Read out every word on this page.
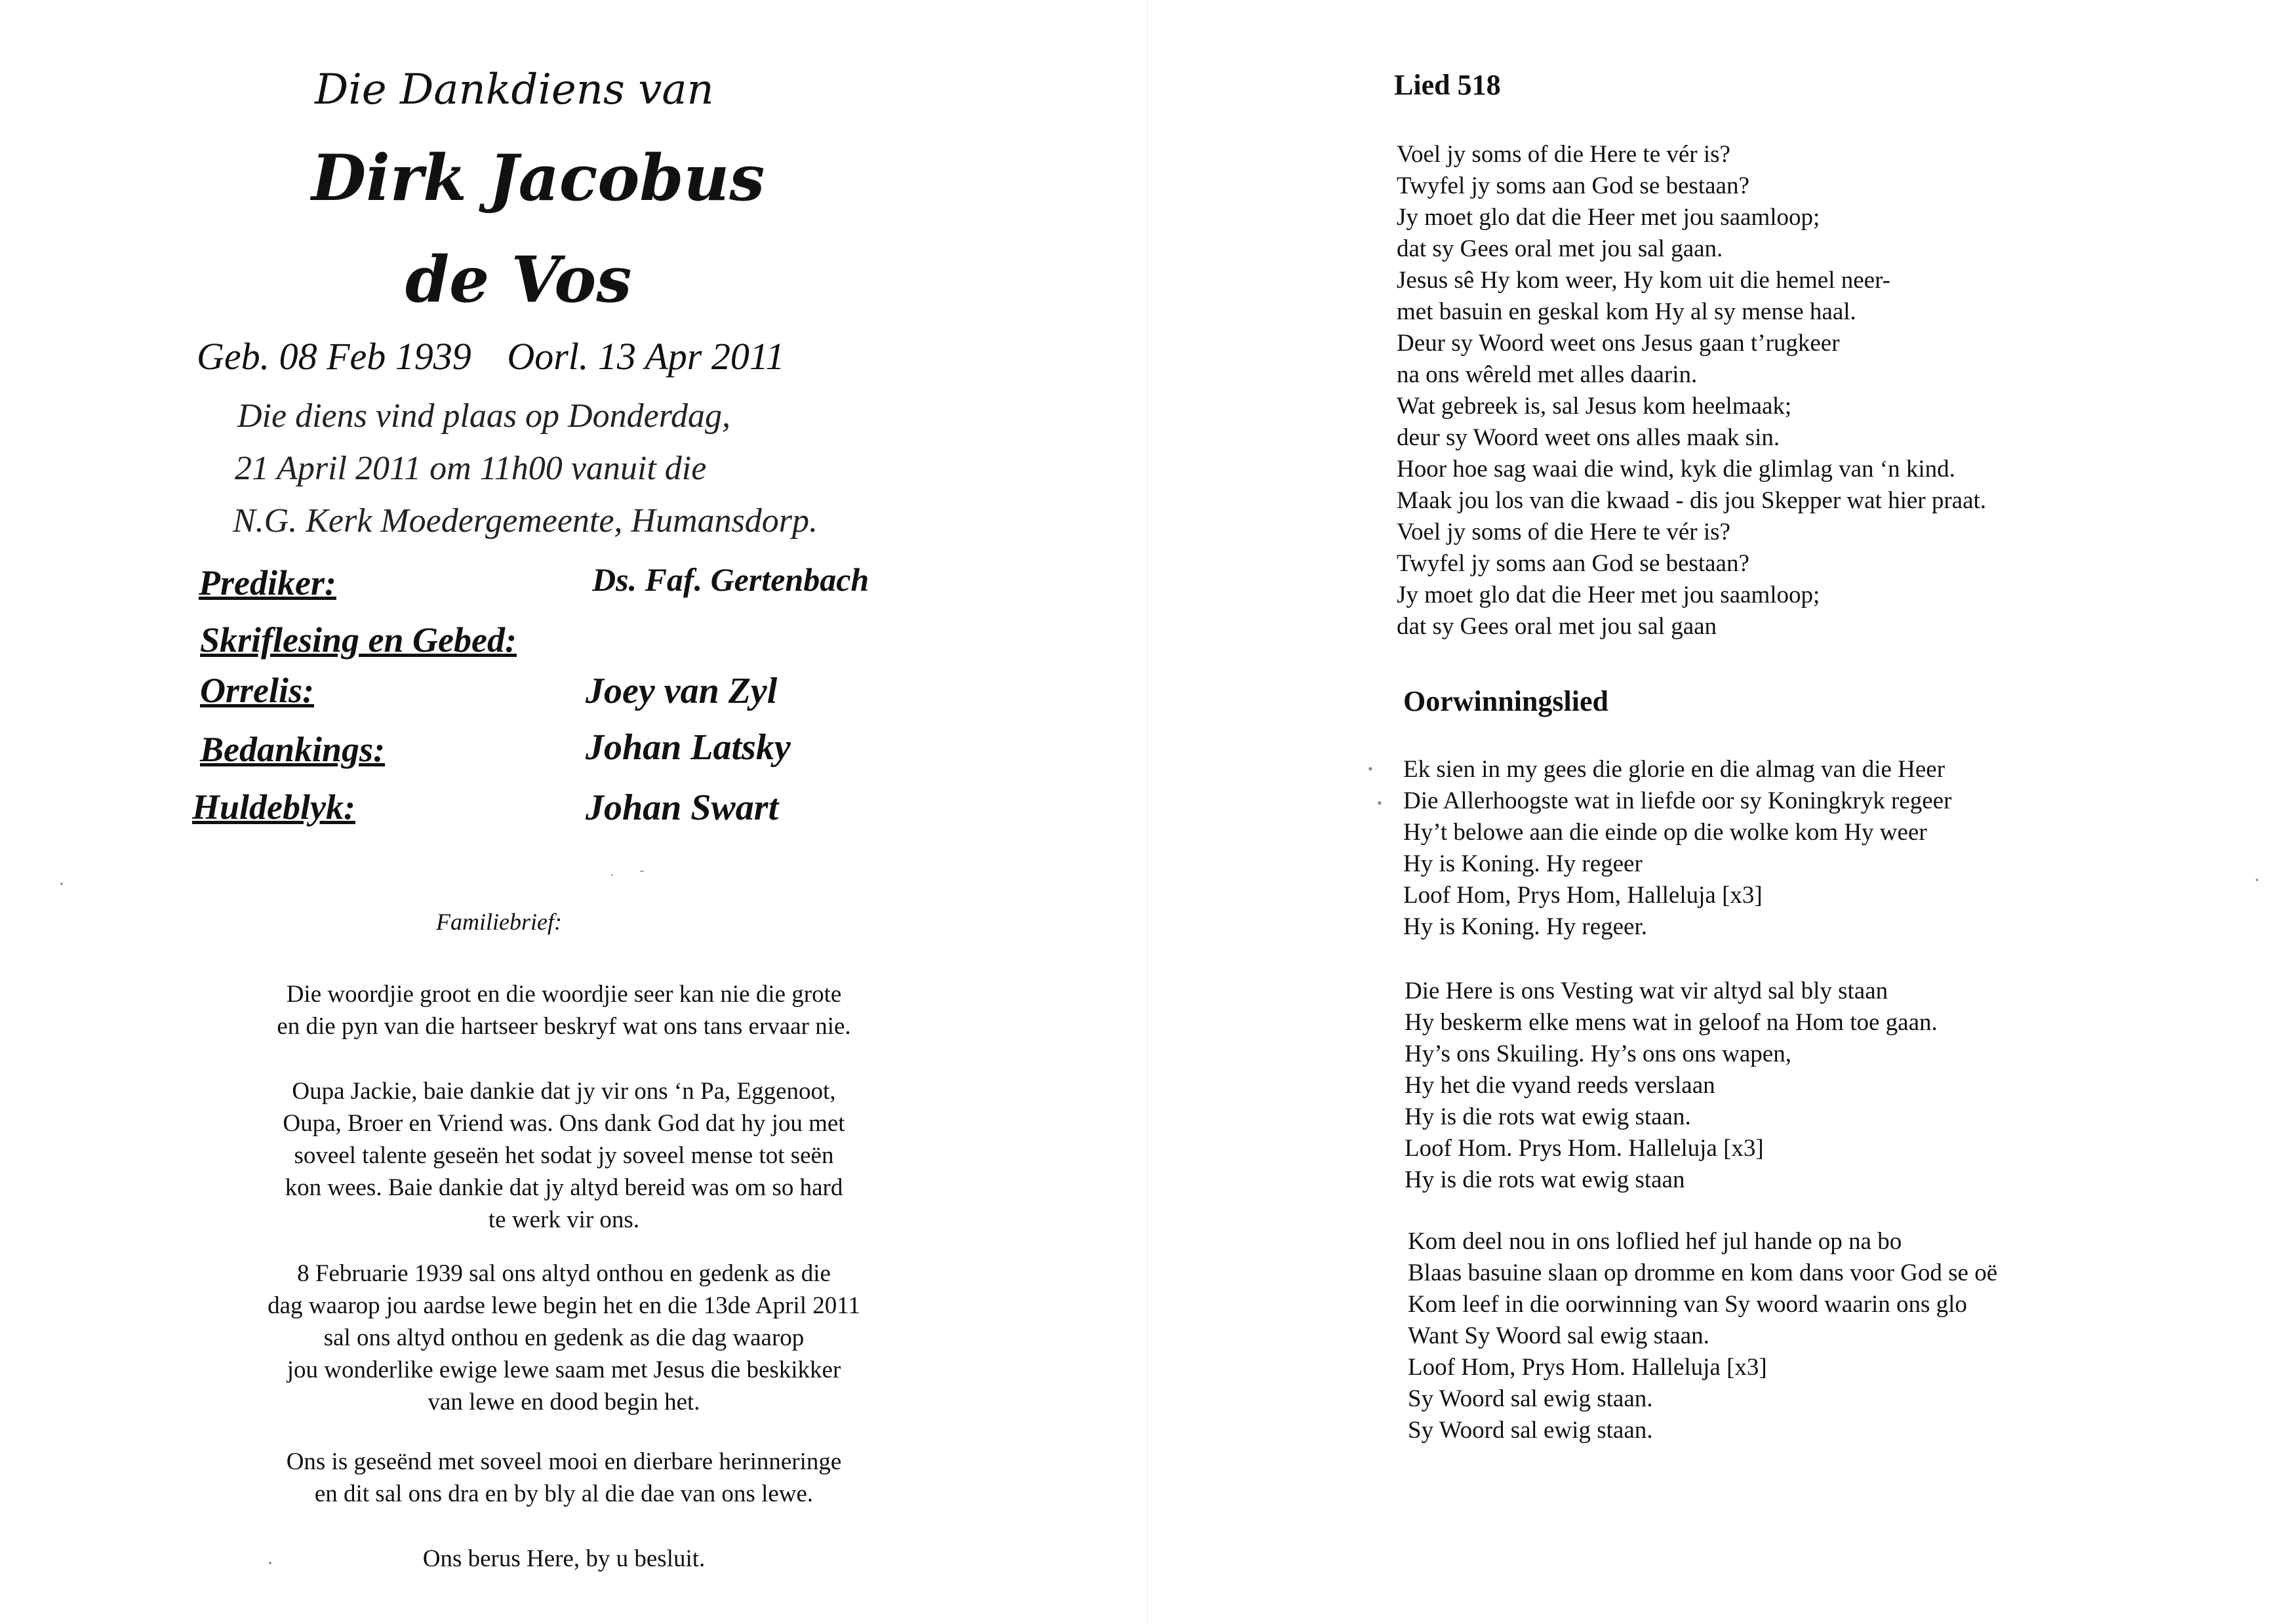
Die Dankdiens van
Dirk Jacobus
de Vos
Geb. 08 Feb 1939 Oorl. 13 Apr 2011
Die diens vind plaas op Donderdag,
21 April 2011 om 11h00 vanuit die
N.G. Kerk Moedergemeente, Humansdorp.
Prediker:	Ds. Faf. Gertenbach
Skriflesing en Gebed:
Orrelis:	Joey van Zyl
Bedankings:	Johan Latsky
Huldeblyk:	Johan Swart
Familiebrief:
Die woordjie groot en die woordjie seer kan nie die grote
en die pyn van die hartseer beskryf wat ons tans ervaar nie.
Oupa Jackie, baie dankie dat jy vir ons ‘n Pa, Eggenoot,
Oupa, Broer en Vriend was. Ons dank God dat hy jou met
soveel talente geseën het sodat jy soveel mense tot seën
kon wees. Baie dankie dat jy altyd bereid was om so hard
te werk vir ons.
8 Februarie 1939 sal ons altyd onthou en gedenk as die
dag waarop jou aardse lewe begin het en die 13de April 2011
sal ons altyd onthou en gedenk as die dag waarop
jou wonderlike ewige lewe saam met Jesus die beskikker
van lewe en dood begin het.
Ons is geseënd met soveel mooi en dierbare herinneringe
en dit sal ons dra en by bly al die dae van ons lewe.
Ons berus Here, by u besluit.
· ˘
Lied 518
Voel jy soms of die Here te vér is?
Twyfel jy soms aan God se bestaan?
Jy moet glo dat die Heer met jou saamloop;
dat sy Gees oral met jou sal gaan.
Jesus sê Hy kom weer, Hy kom uit die hemel neer-
met basuin en geskal kom Hy al sy mense haal.
Deur sy Woord weet ons Jesus gaan t’rugkeer
na ons wêreld met alles daarin.
Wat gebreek is, sal Jesus kom heelmaak;
deur sy Woord weet ons alles maak sin.
Hoor hoe sag waai die wind, kyk die glimlag van ‘n kind.
Maak jou los van die kwaad - dis jou Skepper wat hier praat.
Voel jy soms of die Here te vér is?
Twyfel jy soms aan God se bestaan?
Jy moet glo dat die Heer met jou saamloop;
dat sy Gees oral met jou sal gaan
Oorwinningslied
Ek sien in my gees die glorie en die almag van die Heer
Die Allerhoogste wat in liefde oor sy Koningkryk regeer
Hy’t belowe aan die einde op die wolke kom Hy weer
Hy is Koning. Hy regeer
Loof Hom, Prys Hom, Halleluja [x3]
Hy is Koning. Hy regeer.
Die Here is ons Vesting wat vir altyd sal bly staan
Hy beskerm elke mens wat in geloof na Hom toe gaan.
Hy’s ons Skuiling. Hy’s ons ons wapen,
Hy het die vyand reeds verslaan
Hy is die rots wat ewig staan.
Loof Hom. Prys Hom. Halleluja [x3]
Hy is die rots wat ewig staan
Kom deel nou in ons loflied hef jul hande op na bo
Blaas basuine slaan op dromme en kom dans voor God se oë
Kom leef in die oorwinning van Sy woord waarin ons glo
Want Sy Woord sal ewig staan.
Loof Hom, Prys Hom. Halleluja [x3]
Sy Woord sal ewig staan.
Sy Woord sal ewig staan.
•
•
